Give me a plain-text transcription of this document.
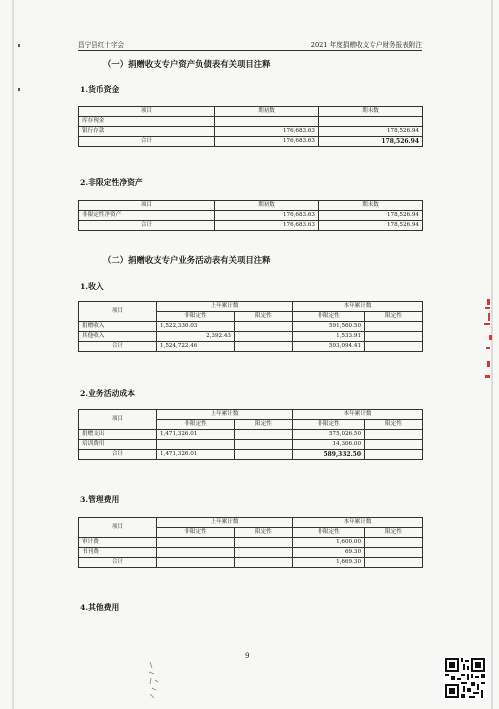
昌宁县红十字会	2021 年度捐赠收支专户财务报表附注
（一）捐赠收支专户资产负债表有关项目注释
1.货币资金
项目	期初数	期末数
库存现金		
银行存款	176,683.63	178,526.94
合计	176,683.63	178,526.94
2.非限定性净资产
项目	期初数	期末数
非限定性净资产	176,683.63	178,526.94
合计	176,683.63	178,526.94
（二）捐赠收支专户业务活动表有关项目注释
1.收入
项目	上年累计数		本年累计数	
	非限定性	限定性	非限定性	限定性
捐赠收入	1,522,330.03		591,560.50	
其他收入	2,392.43		1,533.91	
合计	1,524,722.46		593,094.41	
2.业务活动成本
项目	上年累计数		本年累计数	
	非限定性	限定性	非限定性	限定性
捐赠支出	1,471,326.01		575,026.50	
培训费用			14,306.00	
合计	1,471,326.01		589,332.50	
3.管理费用
项目	上年累计数		本年累计数	
	非限定性	限定性	非限定性	限定性
审计费			1,600.00	
书刊费			69.30	
合计			1,669.30	
4.其他费用
9
